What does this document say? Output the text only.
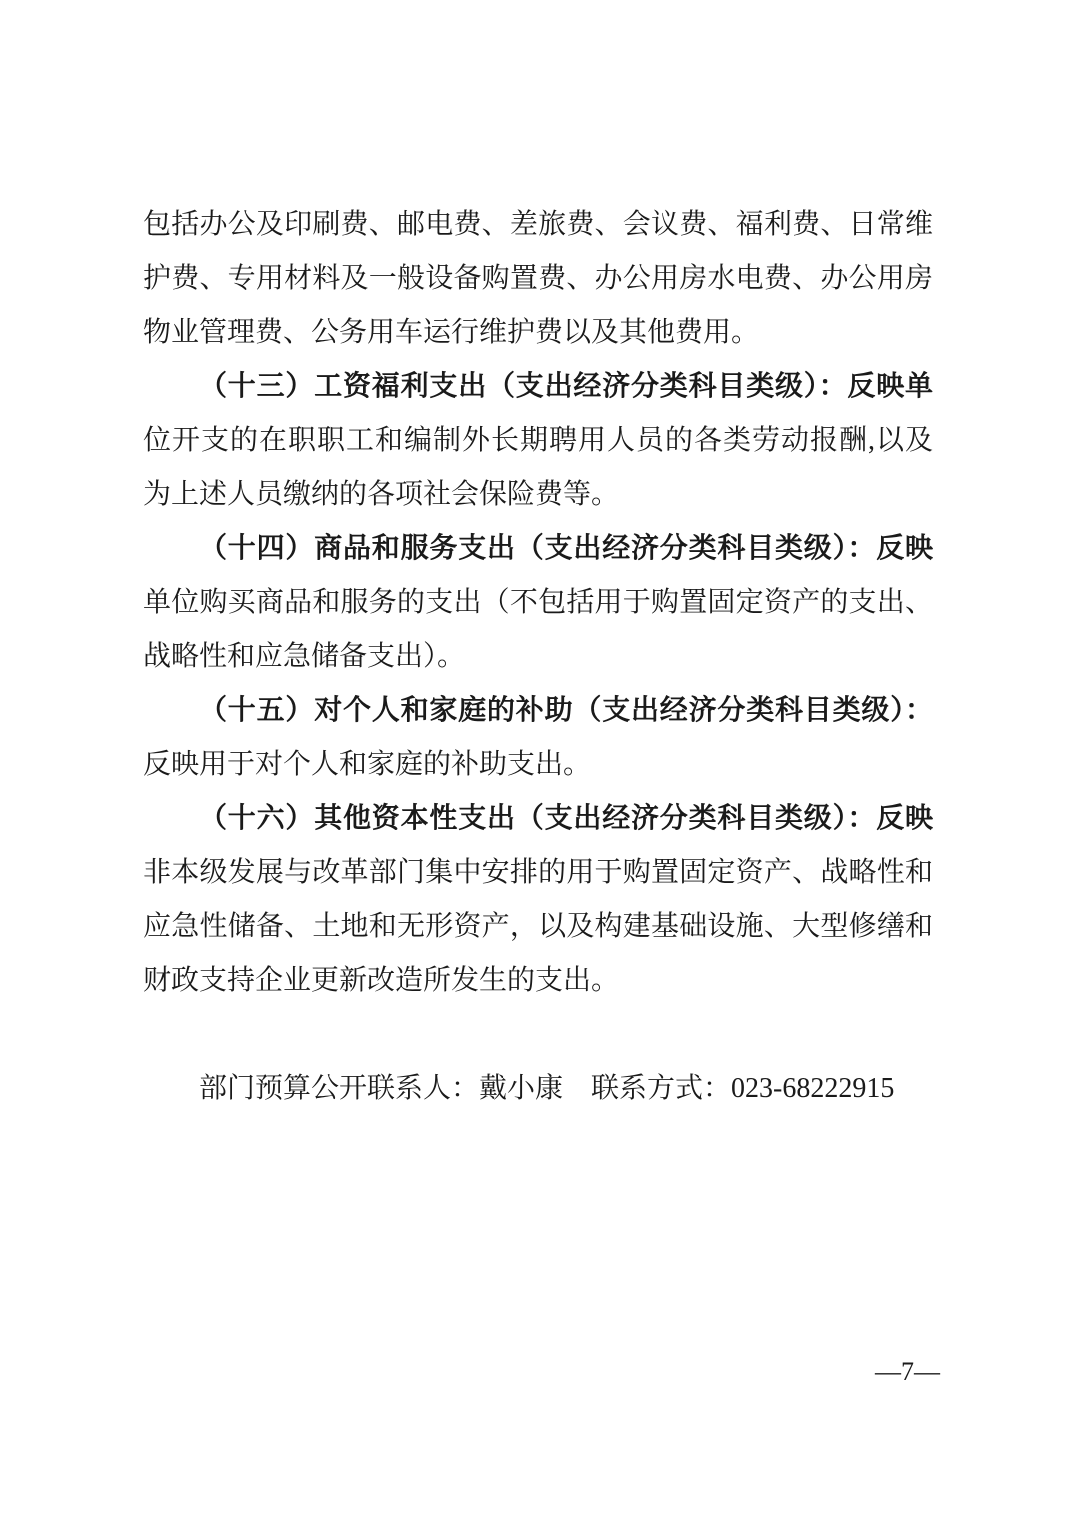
包括办公及印刷费、邮电费、差旅费、会议费、福利费、日常维
护费、专用材料及一般设备购置费、办公用房水电费、办公用房
物业管理费、公务用车运行维护费以及其他费用。
（十三）工资福利支出（支出经济分类科目类级）：反映单
位开支的在职职工和编制外长期聘用人员的各类劳动报酬,以及
为上述人员缴纳的各项社会保险费等。
（十四）商品和服务支出（支出经济分类科目类级）：反映
单位购买商品和服务的支出（不包括用于购置固定资产的支出、
战略性和应急储备支出）。
（十五）对个人和家庭的补助（支出经济分类科目类级）：
反映用于对个人和家庭的补助支出。
（十六）其他资本性支出（支出经济分类科目类级）：反映
非本级发展与改革部门集中安排的用于购置固定资产、战略性和
应急性储备、土地和无形资产，以及构建基础设施、大型修缮和
财政支持企业更新改造所发生的支出。
部门预算公开联系人：戴小康　联系方式：023-68222915
—7—
